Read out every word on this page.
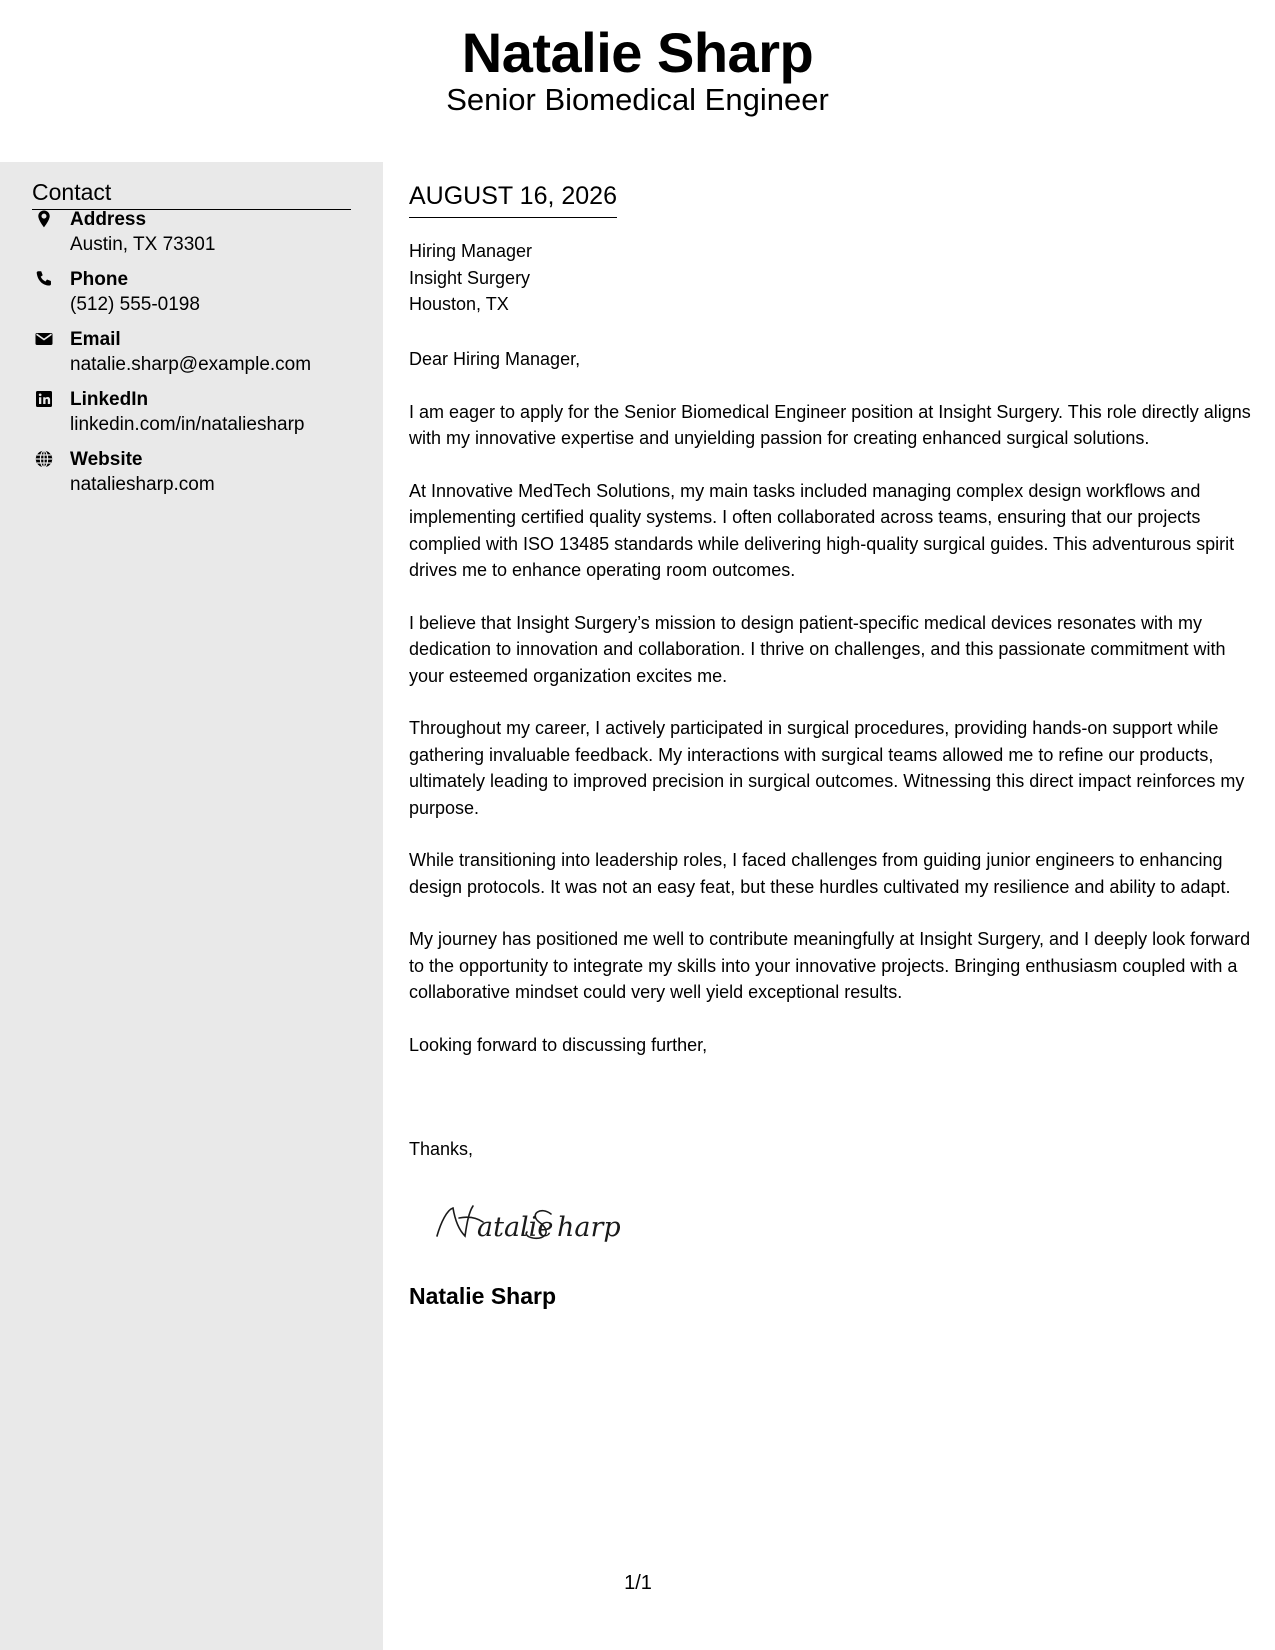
Natalie Sharp
Senior Biomedical Engineer
Contact
Address
Austin, TX 73301
Phone
(512) 555-0198
Email
natalie.sharp@example.com
LinkedIn
linkedin.com/in/nataliesharp
Website
nataliesharp.com
AUGUST 16, 2026
Hiring Manager
Insight Surgery
Houston, TX

Dear Hiring Manager,

I am eager to apply for the Senior Biomedical Engineer position at Insight Surgery. This role directly aligns with my innovative expertise and unyielding passion for creating enhanced surgical solutions.

At Innovative MedTech Solutions, my main tasks included managing complex design workflows and implementing certified quality systems. I often collaborated across teams, ensuring that our projects complied with ISO 13485 standards while delivering high-quality surgical guides. This adventurous spirit drives me to enhance operating room outcomes.

I believe that Insight Surgery’s mission to design patient-specific medical devices resonates with my dedication to innovation and collaboration. I thrive on challenges, and this passionate commitment with your esteemed organization excites me.

Throughout my career, I actively participated in surgical procedures, providing hands-on support while gathering invaluable feedback. My interactions with surgical teams allowed me to refine our products, ultimately leading to improved precision in surgical outcomes. Witnessing this direct impact reinforces my purpose.

While transitioning into leadership roles, I faced challenges from guiding junior engineers to enhancing design protocols. It was not an easy feat, but these hurdles cultivated my resilience and ability to adapt.

My journey has positioned me well to contribute meaningfully at Insight Surgery, and I deeply look forward to the opportunity to integrate my skills into your innovative projects. Bringing enthusiasm coupled with a collaborative mindset could very well yield exceptional results.

Looking forward to discussing further,

Thanks,
atalie harp
Natalie Sharp
1/1
